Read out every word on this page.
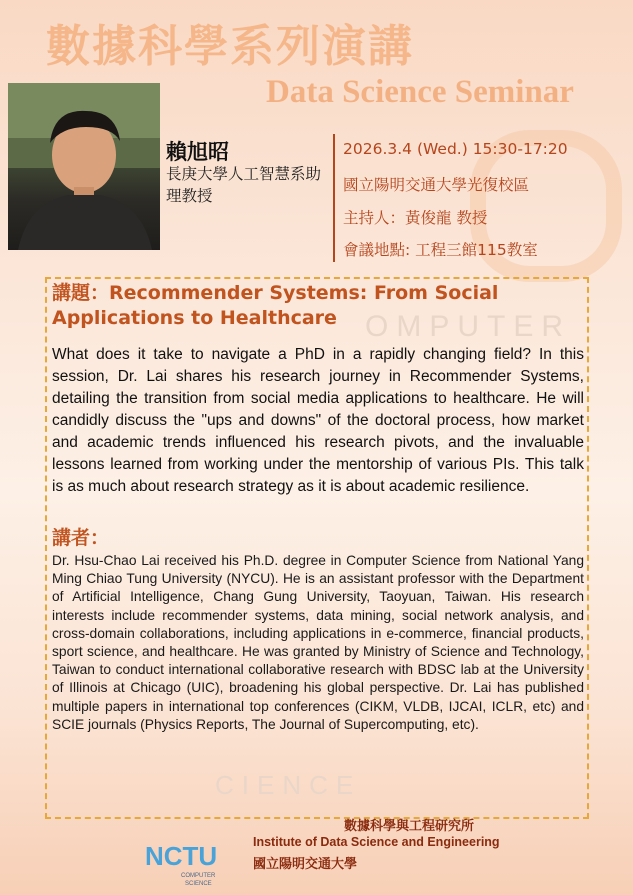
OMPUTER
CIENCE
數據科學系列演講
Data Science Seminar
賴旭昭
長庚大學人工智慧系助理教授
2026.3.4 (Wed.) 15:30-17:20
國立陽明交通大學光復校區
主持人：黃俊龍 教授
會議地點: 工程三館115教室
講題：Recommender Systems: From Social Applications to Healthcare
What does it take to navigate a PhD in a rapidly changing field? In this session, Dr. Lai shares his research journey in Recommender Systems, detailing the transition from social media applications to healthcare. He will candidly discuss the "ups and downs" of the doctoral process, how market and academic trends influenced his research pivots, and the invaluable lessons learned from working under the mentorship of various PIs. This talk is as much about research strategy as it is about academic resilience.
講者：
Dr. Hsu-Chao Lai received his Ph.D. degree in Computer Science from National Yang Ming Chiao Tung University (NYCU). He is an assistant professor with the Department of Artificial Intelligence, Chang Gung University, Taoyuan, Taiwan. His research interests include recommender systems, data mining, social network analysis, and cross-domain collaborations, including applications in e-commerce, financial products, sport science, and healthcare. He was granted by Ministry of Science and Technology, Taiwan to conduct international collaborative research with BDSC lab at the University of Illinois at Chicago (UIC), broadening his global perspective. Dr. Lai has published multiple papers in international top conferences (CIKM, VLDB, IJCAI, ICLR, etc) and SCIE journals (Physics Reports, The Journal of Supercomputing, etc).
NCTU
COMPUTER
SCIENCE
數據科學與工程研究所
Institute of Data Science and Engineering
國立陽明交通大學
